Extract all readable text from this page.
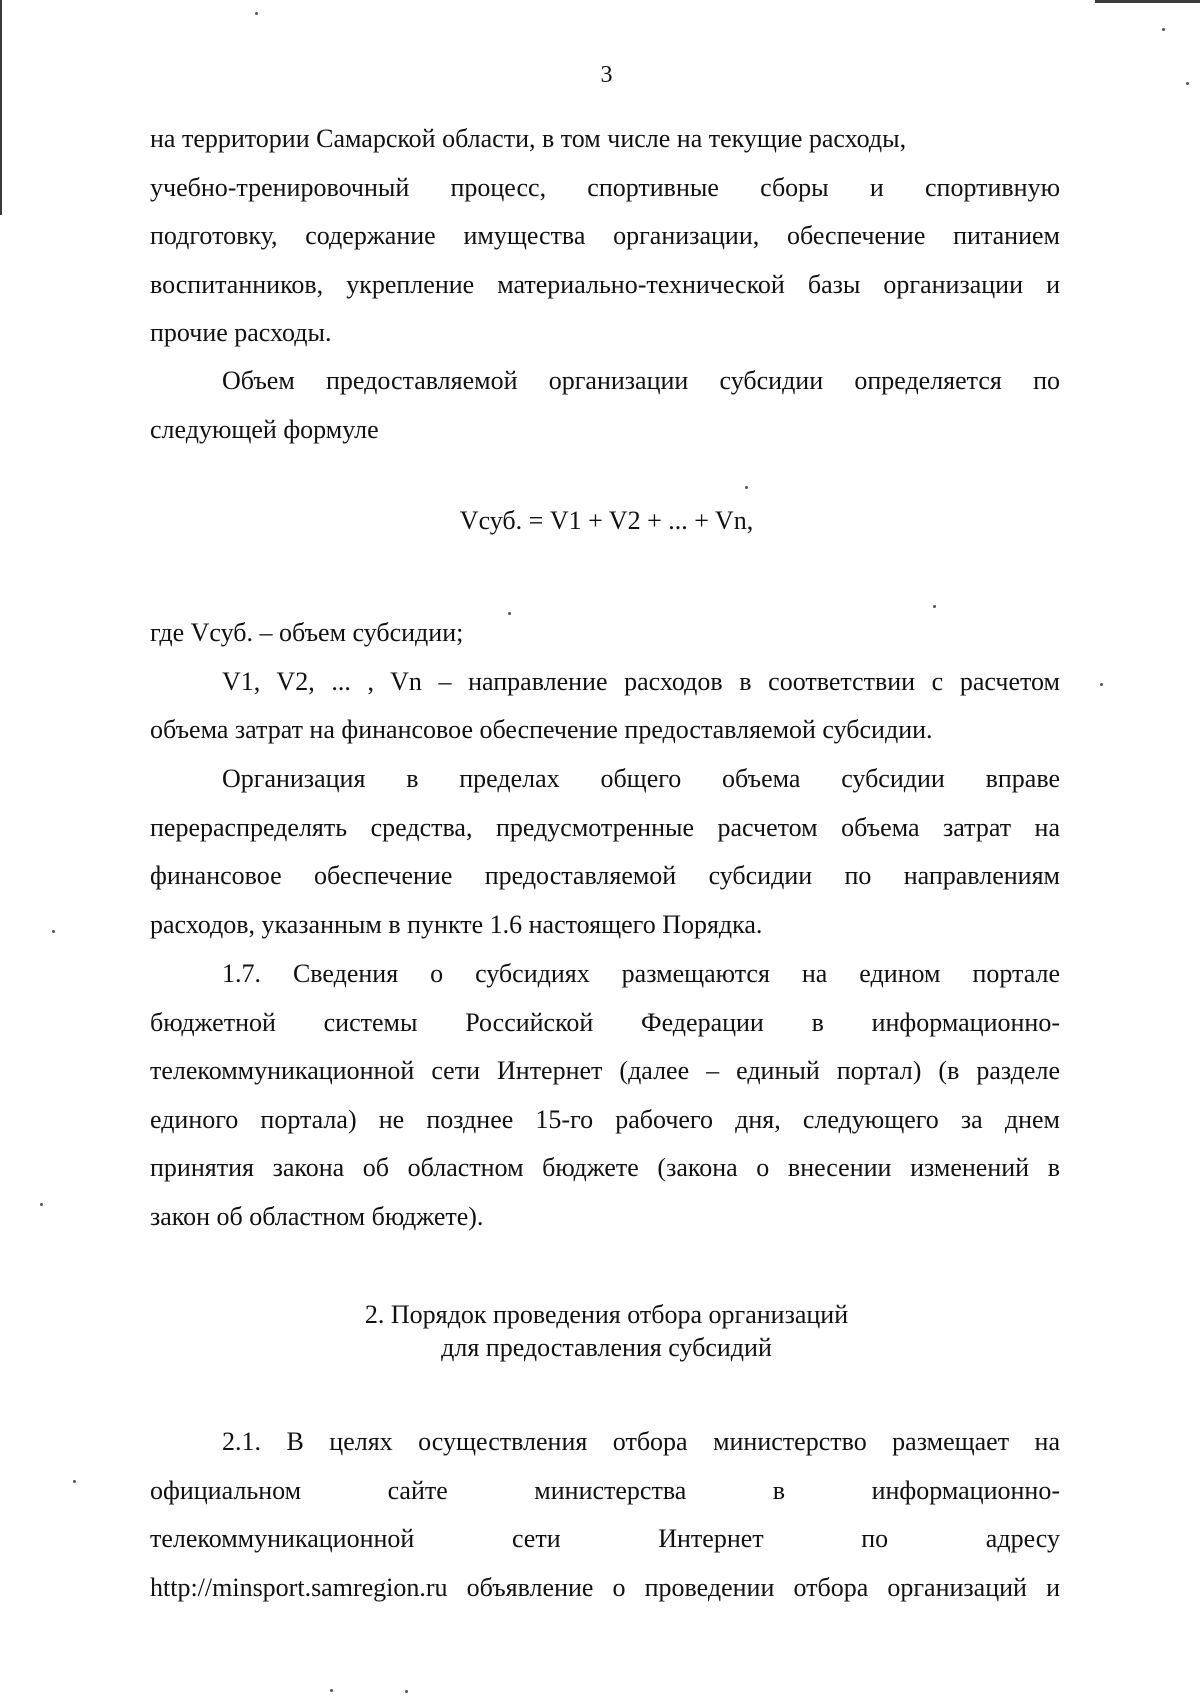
3
на территории Самарской области, в том числе на текущие расходы,
учебно-тренировочный процесс, спортивные сборы и спортивную
подготовку, содержание имущества организации, обеспечение питанием
воспитанников, укрепление материально-технической базы организации и
прочие расходы.
Объем предоставляемой организации субсидии определяется по
следующей формуле
Vсуб. = V1 + V2 + ... + Vn,
где Vсуб. – объем субсидии;
V1, V2, ... , Vn – направление расходов в соответствии с расчетом
объема затрат на финансовое обеспечение предоставляемой субсидии.
Организация в пределах общего объема субсидии вправе
перераспределять средства, предусмотренные расчетом объема затрат на
финансовое обеспечение предоставляемой субсидии по направлениям
расходов, указанным в пункте 1.6 настоящего Порядка.
1.7. Сведения о субсидиях размещаются на едином портале
бюджетной системы Российской Федерации в информационно-
телекоммуникационной сети Интернет (далее – единый портал) (в разделе
единого портала) не позднее 15-го рабочего дня, следующего за днем
принятия закона об областном бюджете (закона о внесении изменений в
закон об областном бюджете).
2. Порядок проведения отбора организаций
для предоставления субсидий
2.1. В целях осуществления отбора министерство размещает на
официальном	сайте	министерства	в	информационно-
телекоммуникационной	сети	Интернет	по	адресу
http://minsport.samregion.ru объявление о проведении отбора организаций и
